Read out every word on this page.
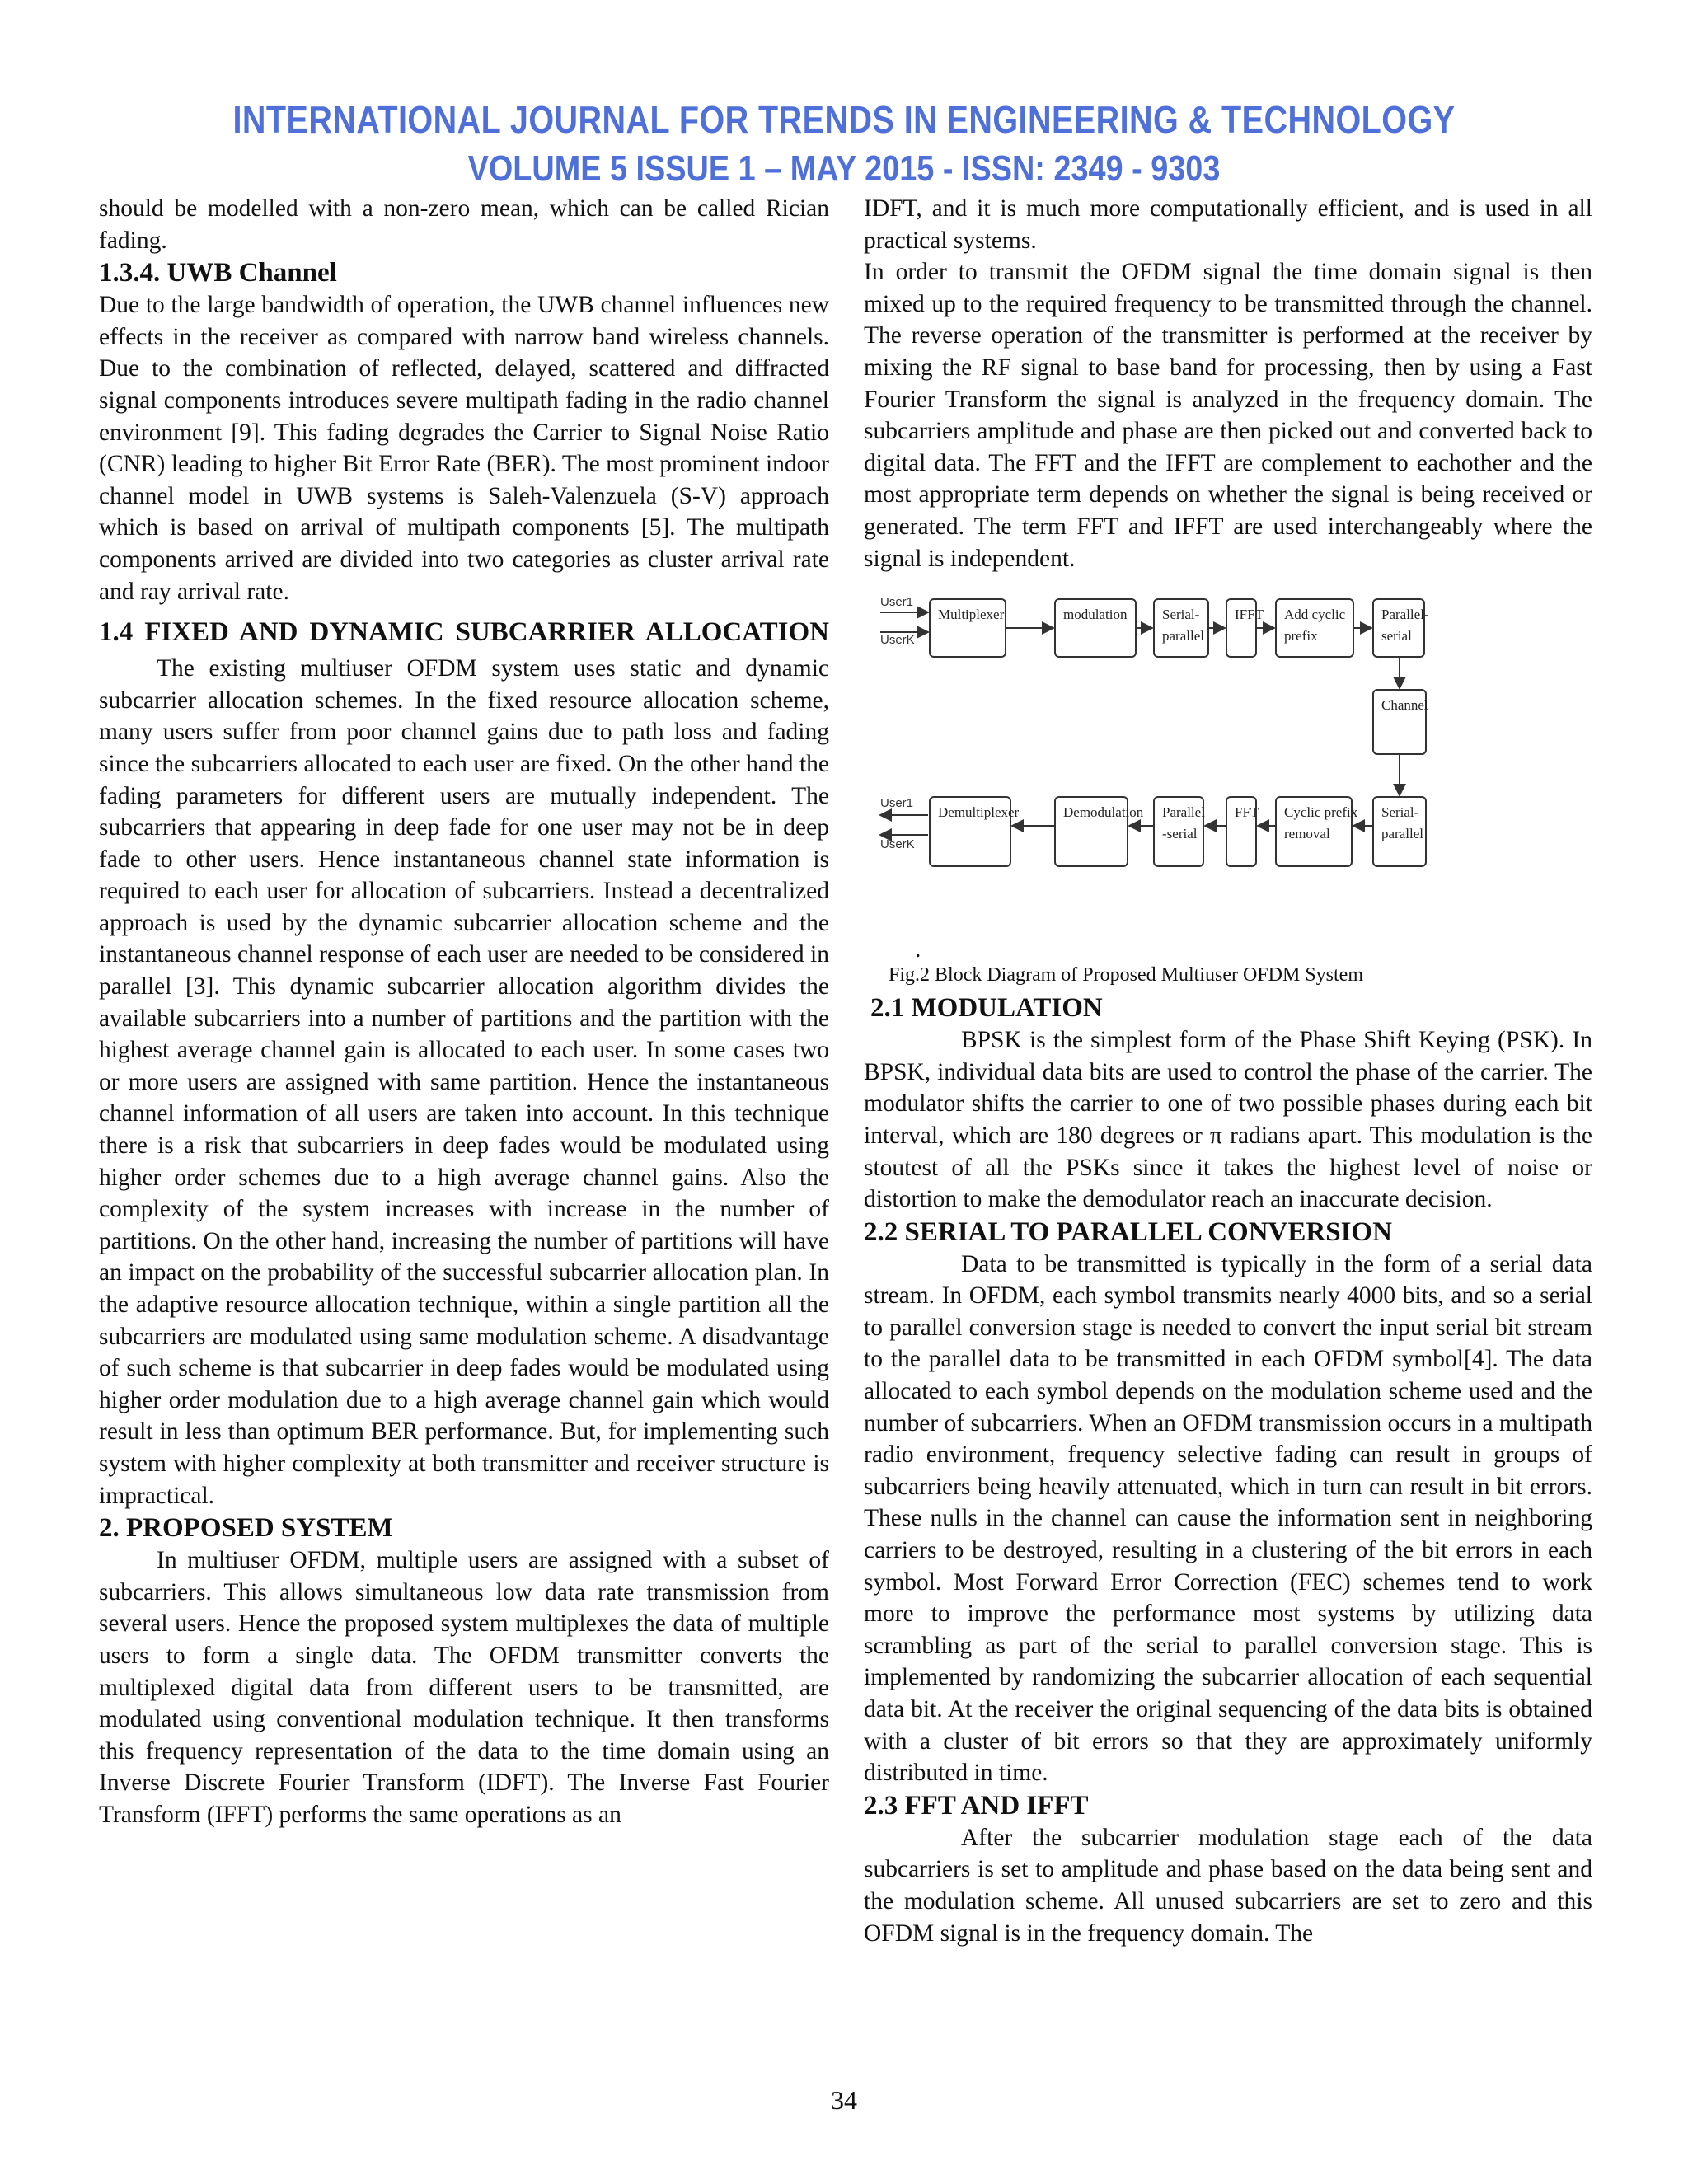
INTERNATIONAL JOURNAL FOR TRENDS IN ENGINEERING & TECHNOLOGY
VOLUME 5 ISSUE 1 – MAY 2015 - ISSN: 2349 - 9303

should be modelled with a non-zero mean, which can be called Rician fading.

1.3.4. UWB Channel

Due to the large bandwidth of operation, the UWB channel influences new effects in the receiver as compared with narrow band wireless channels. Due to the combination of reflected, delayed, scattered and diffracted signal components introduces severe multipath fading in the radio channel environment [9]. This fading degrades the Carrier to Signal Noise Ratio (CNR) leading to higher Bit Error Rate (BER). The most prominent indoor channel model in UWB systems is Saleh-Valenzuela (S-V) approach which is based on arrival of multipath components [5]. The multipath components arrived are divided into two categories as cluster arrival rate and ray arrival rate.

1.4 FIXED AND DYNAMIC SUBCARRIER ALLOCATION

The existing multiuser OFDM system uses static and dynamic subcarrier allocation schemes. In the fixed resource allocation scheme, many users suffer from poor channel gains due to path loss and fading since the subcarriers allocated to each user are fixed. On the other hand the fading parameters for different users are mutually independent. The subcarriers that appearing in deep fade for one user may not be in deep fade to other users. Hence instantaneous channel state information is required to each user for allocation of subcarriers. Instead a decentralized approach is used by the dynamic subcarrier allocation scheme and the instantaneous channel response of each user are needed to be considered in parallel [3]. This dynamic subcarrier allocation algorithm divides the available subcarriers into a number of partitions and the partition with the highest average channel gain is allocated to each user. In some cases two or more users are assigned with same partition. Hence the instantaneous channel information of all users are taken into account. In this technique there is a risk that subcarriers in deep fades would be modulated using higher order schemes due to a high average channel gains. Also the complexity of the system increases with increase in the number of partitions. On the other hand, increasing the number of partitions will have an impact on the probability of the successful subcarrier allocation plan. In the adaptive resource allocation technique, within a single partition all the subcarriers are modulated using same modulation scheme. A disadvantage of such scheme is that subcarrier in deep fades would be modulated using higher order modulation due to a high average channel gain which would result in less than optimum BER performance. But, for implementing such system with higher complexity at both transmitter and receiver structure is impractical.

2. PROPOSED SYSTEM

In multiuser OFDM, multiple users are assigned with a subset of subcarriers. This allows simultaneous low data rate transmission from several users. Hence the proposed system multiplexes the data of multiple users to form a single data. The OFDM transmitter converts the multiplexed digital data from different users to be transmitted, are modulated using conventional modulation technique. It then transforms this frequency representation of the data to the time domain using an Inverse Discrete Fourier Transform (IDFT). The Inverse Fast Fourier Transform (IFFT) performs the same operations as an

IDFT, and it is much more computationally efficient, and is used in all practical systems.

In order to transmit the OFDM signal the time domain signal is then mixed up to the required frequency to be transmitted through the channel. The reverse operation of the transmitter is performed at the receiver by mixing the RF signal to base band for processing, then by using a Fast Fourier Transform the signal is analyzed in the frequency domain. The subcarriers amplitude and phase are then picked out and converted back to digital data. The FFT and the IFFT are complement to eachother and the most appropriate term depends on whether the signal is being received or generated. The term FFT and IFFT are used interchangeably where the signal is independent.

Multiplexer	modulation	Serial-
parallel
IFFT Add cyclic
prefix
Parallel-
serial
User1
UserK
Channel
Demultiplexer	Demodulation Parallel
-serial
FFT Cyclic prefix
removal
Serial-
parallel
User1
UserK
.
Fig.2 Block Diagram of Proposed Multiuser OFDM System

2.1 MODULATION

BPSK is the simplest form of the Phase Shift Keying (PSK). In BPSK, individual data bits are used to control the phase of the carrier. The modulator shifts the carrier to one of two possible phases during each bit interval, which are 180 degrees or π radians apart. This modulation is the stoutest of all the PSKs since it takes the highest level of noise or distortion to make the demodulator reach an inaccurate decision.

2.2 SERIAL TO PARALLEL CONVERSION

Data to be transmitted is typically in the form of a serial data stream. In OFDM, each symbol transmits nearly 4000 bits, and so a serial to parallel conversion stage is needed to convert the input serial bit stream to the parallel data to be transmitted in each OFDM symbol[4]. The data allocated to each symbol depends on the modulation scheme used and the number of subcarriers. When an OFDM transmission occurs in a multipath radio environment, frequency selective fading can result in groups of subcarriers being heavily attenuated, which in turn can result in bit errors. These nulls in the channel can cause the information sent in neighboring carriers to be destroyed, resulting in a clustering of the bit errors in each symbol. Most Forward Error Correction (FEC) schemes tend to work more to improve the performance most systems by utilizing data scrambling as part of the serial to parallel conversion stage. This is implemented by randomizing the subcarrier allocation of each sequential data bit. At the receiver the original sequencing of the data bits is obtained with a cluster of bit errors so that they are approximately uniformly distributed in time.

2.3 FFT AND IFFT

After the subcarrier modulation stage each of the data subcarriers is set to amplitude and phase based on the data being sent and the modulation scheme. All unused subcarriers are set to zero and this OFDM signal is in the frequency domain. The

34
